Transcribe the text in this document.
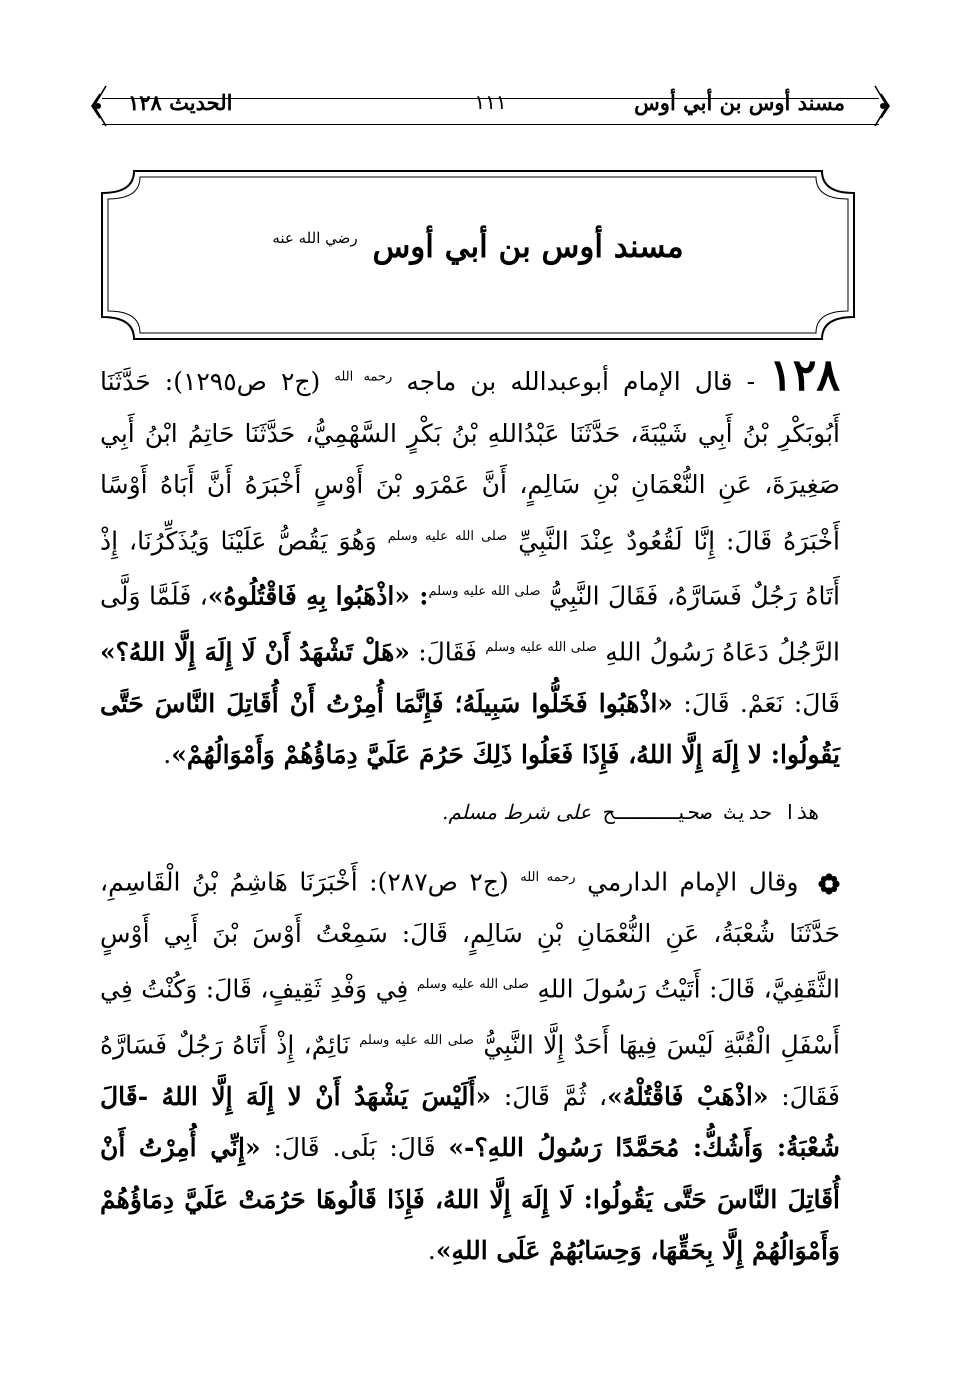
مسند أوس بن أبي أوس
١١١
الحديث ١٢٨
مسند أوس بن أبي أوس $^{رضي الله عنه}$

١٢٨ - قال الإمام أبوعبدالله بن ماجه $^{رحمه الله}$ (ج٢ ص١٢٩٥): حَدَّثَنَا أَبُوبَكْرِ بْنُ أَبِي شَيْبَةَ، حَدَّثَنَا عَبْدُاللهِ بْنُ بَكْرٍ السَّهْمِيُّ، حَدَّثَنَا حَاتِمُ ابْنُ أَبِي صَغِيرَةَ، عَنِ النُّعْمَانِ بْنِ سَالِمٍ، أَنَّ عَمْرَو بْنَ أَوْسٍ أَخْبَرَهُ أَنَّ أَبَاهُ أَوْسًا أَخْبَرَهُ قَالَ: إِنَّا لَقُعُودٌ عِنْدَ النَّبِيِّ $^{صلى الله عليه وسلم}$ وَهُوَ يَقُصُّ عَلَيْنَا وَيُذَكِّرُنَا، إِذْ أَتَاهُ رَجُلٌ فَسَارَّهُ، فَقَالَ النَّبِيُّ $^{صلى الله عليه وسلم}$: «اذْهَبُوا بِهِ فَاقْتُلُوهُ»، فَلَمَّا وَلَّى الرَّجُلُ دَعَاهُ رَسُولُ اللهِ $^{صلى الله عليه وسلم}$ فَقَالَ: «هَلْ تَشْهَدُ أَنْ لَا إِلَهَ إِلَّا اللهُ؟» قَالَ: نَعَمْ. قَالَ: «اذْهَبُوا فَخَلُّوا سَبِيلَهُ؛ فَإِنَّمَا أُمِرْتُ أَنْ أُقَاتِلَ النَّاسَ حَتَّى يَقُولُوا: لا إِلَهَ إِلَّا اللهُ، فَإِذَا فَعَلُوا ذَلِكَ حَرُمَ عَلَيَّ دِمَاؤُهُمْ وَأَمْوَالُهُمْ».

هذا حديث صحيـــــح على شرط مسلم.

وقال الإمام الدارمي $^{رحمه الله}$ (ج٢ ص٢٨٧): أَخْبَرَنَا هَاشِمُ بْنُ الْقَاسِمِ، حَدَّثَنَا شُعْبَةُ، عَنِ النُّعْمَانِ بْنِ سَالِمٍ، قَالَ: سَمِعْتُ أَوْسَ بْنَ أَبِي أَوْسٍ الثَّقَفِيَّ، قَالَ: أَتَيْتُ رَسُولَ اللهِ $^{صلى الله عليه وسلم}$ فِي وَفْدِ ثَقِيفٍ، قَالَ: وَكُنْتُ فِي أَسْفَلِ الْقُبَّةِ لَيْسَ فِيهَا أَحَدٌ إِلَّا النَّبِيُّ $^{صلى الله عليه وسلم}$ نَائِمٌ، إِذْ أَتَاهُ رَجُلٌ فَسَارَّهُ فَقَالَ: «اذْهَبْ فَاقْتُلْهُ»، ثُمَّ قَالَ: «أَلَيْسَ يَشْهَدُ أَنْ لا إِلَهَ إِلَّا اللهُ -قَالَ شُعْبَةُ: وَأَشُكُّ: مُحَمَّدًا رَسُولُ اللهِ؟-» قَالَ: بَلَى. قَالَ: «إِنِّي أُمِرْتُ أَنْ أُقَاتِلَ النَّاسَ حَتَّى يَقُولُوا: لَا إِلَهَ إِلَّا اللهُ، فَإِذَا قَالُوهَا حَرُمَتْ عَلَيَّ دِمَاؤُهُمْ وَأَمْوَالُهُمْ إِلَّا بِحَقِّهَا، وَحِسَابُهُمْ عَلَى اللهِ».
